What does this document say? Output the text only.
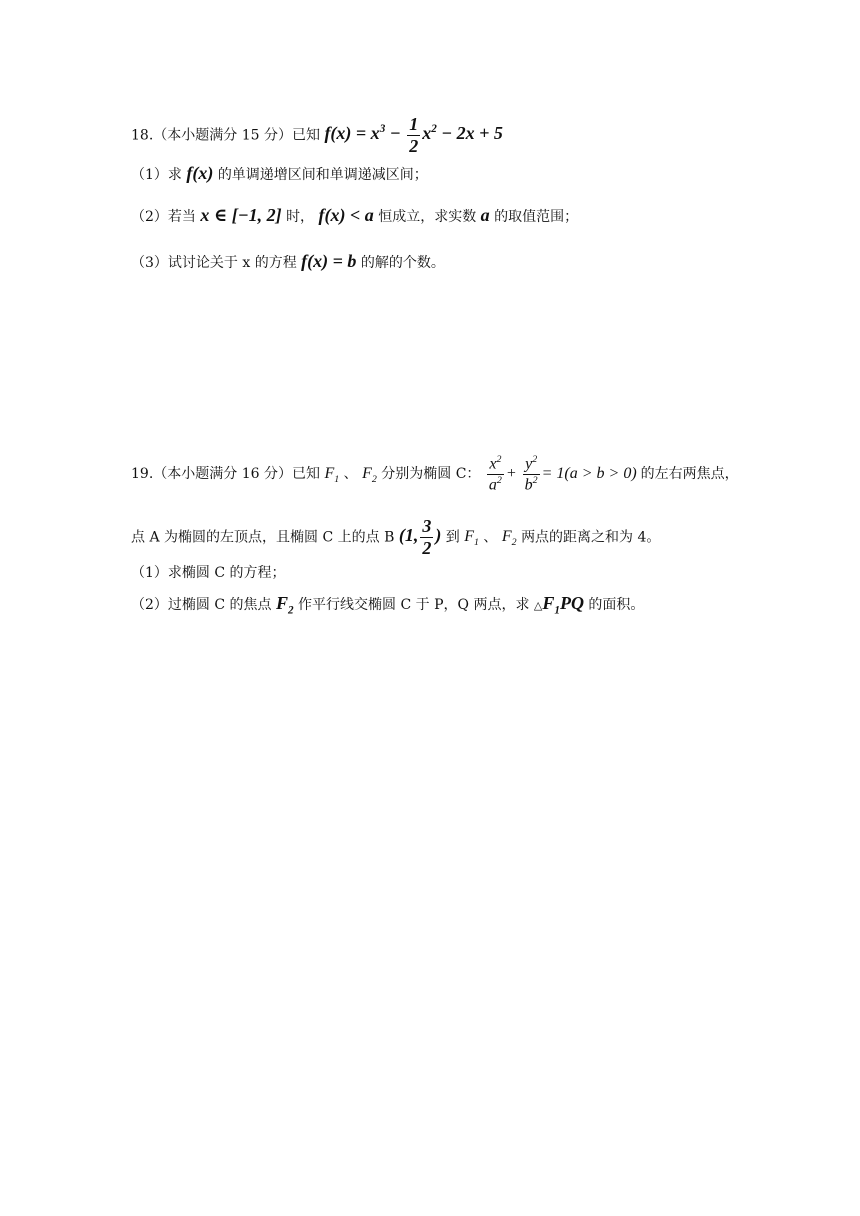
18.（本小题满分 15 分）已知 $f(x) = x^3 - \frac{1}{2} x^2 - 2x + 5$
（1）求 f(x) 的单调递增区间和单调递减区间；
（2）若当 x ∈ [−1, 2] 时， f(x) < a 恒成立，求实数 a 的取值范围；
（3）试讨论关于 x 的方程 f(x) = b 的解的个数。
19.（本小题满分 16 分）已知 $F_1$ 、 $F_2$ 分别为椭圆 C： $\frac{x^2}{a^2} + \frac{y^2}{b^2} = 1(a > b > 0)$ 的左右两焦点，
点 A 为椭圆的左顶点，且椭圆 C 上的点 B (1, $\frac{3}{2}$ ) 到 $F_1$ 、 $F_2$ 两点的距离之和为 4。
（1）求椭圆 C 的方程；
（2）过椭圆 C 的焦点 $F_2$ 作平行线交椭圆 C 于 P，Q 两点，求 $\triangle F_1PQ$ 的面积。
